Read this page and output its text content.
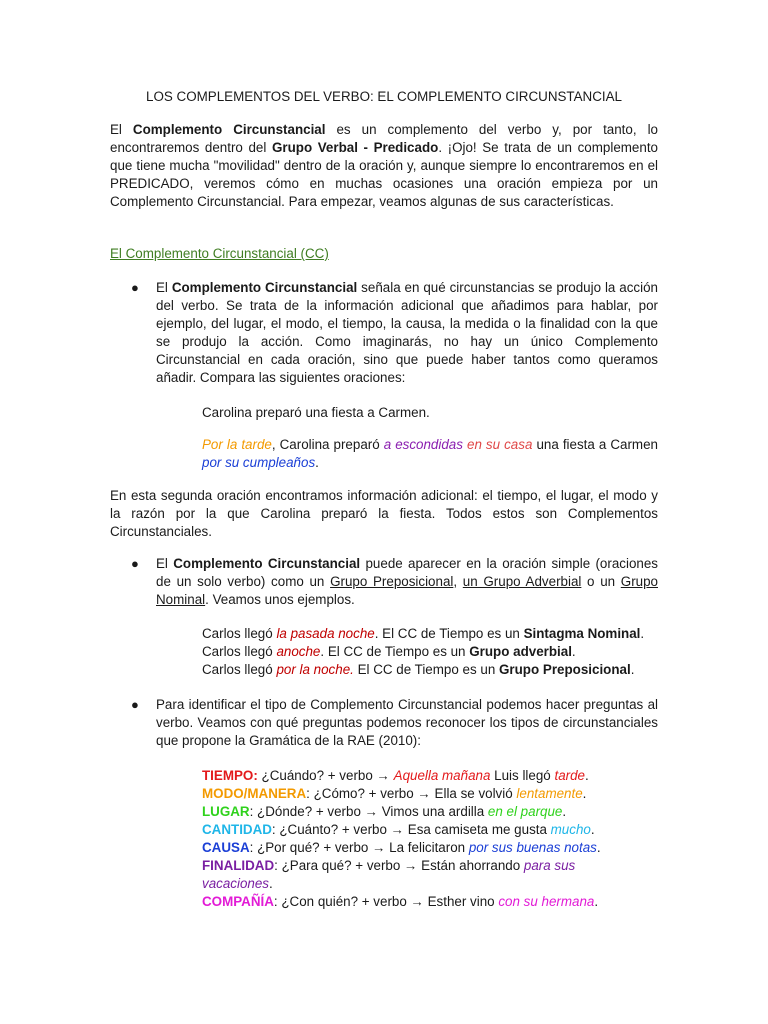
LOS COMPLEMENTOS DEL VERBO: EL COMPLEMENTO CIRCUNSTANCIAL
El Complemento Circunstancial es un complemento del verbo y, por tanto, lo encontraremos dentro del Grupo Verbal - Predicado. ¡Ojo! Se trata de un complemento que tiene mucha "movilidad" dentro de la oración y, aunque siempre lo encontraremos en el PREDICADO, veremos cómo en muchas ocasiones una oración empieza por un Complemento Circunstancial. Para empezar, veamos algunas de sus características.
El Complemento Circunstancial (CC)
● El Complemento Circunstancial señala en qué circunstancias se produjo la acción del verbo. Se trata de la información adicional que añadimos para hablar, por ejemplo, del lugar, el modo, el tiempo, la causa, la medida o la finalidad con la que se produjo la acción. Como imaginarás, no hay un único Complemento Circunstancial en cada oración, sino que puede haber tantos como queramos añadir. Compara las siguientes oraciones:
Carolina preparó una fiesta a Carmen.
Por la tarde, Carolina preparó a escondidas en su casa una fiesta a Carmen por su cumpleaños.
En esta segunda oración encontramos información adicional: el tiempo, el lugar, el modo y la razón por la que Carolina preparó la fiesta. Todos estos son Complementos Circunstanciales.
● El Complemento Circunstancial puede aparecer en la oración simple (oraciones de un solo verbo) como un Grupo Preposicional, un Grupo Adverbial o un Grupo Nominal. Veamos unos ejemplos.
Carlos llegó la pasada noche. El CC de Tiempo es un Sintagma Nominal.
Carlos llegó anoche. El CC de Tiempo es un Grupo adverbial.
Carlos llegó por la noche. El CC de Tiempo es un Grupo Preposicional.
● Para identificar el tipo de Complemento Circunstancial podemos hacer preguntas al verbo. Veamos con qué preguntas podemos reconocer los tipos de circunstanciales que propone la Gramática de la RAE (2010):
TIEMPO: ¿Cuándo? + verbo → Aquella mañana Luis llegó tarde.
MODO/MANERA: ¿Cómo? + verbo → Ella se volvió lentamente.
LUGAR: ¿Dónde? + verbo → Vimos una ardilla en el parque.
CANTIDAD: ¿Cuánto? + verbo → Esa camiseta me gusta mucho.
CAUSA: ¿Por qué? + verbo → La felicitaron por sus buenas notas.
FINALIDAD: ¿Para qué? + verbo → Están ahorrando para sus
vacaciones.
COMPAÑÍA: ¿Con quién? + verbo → Esther vino con su hermana.
